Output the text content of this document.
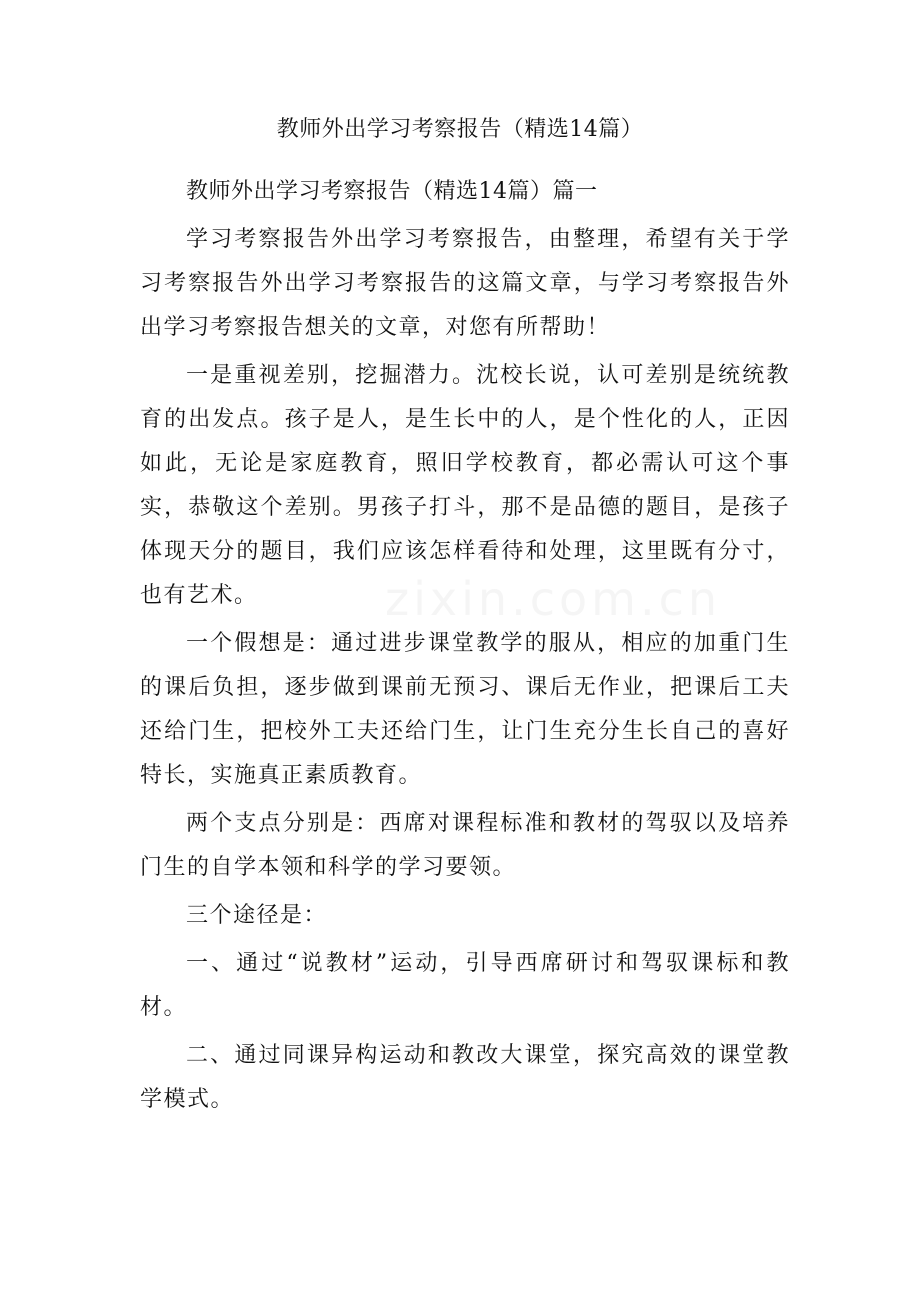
教师外出学习考察报告（精选14篇）
zixin.com.cn

教师外出学习考察报告（精选14篇）篇一

学习考察报告外出学习考察报告，由整理，希望有关于学习考察报告外出学习考察报告的这篇文章，与学习考察报告外出学习考察报告想关的文章，对您有所帮助！

一是重视差别，挖掘潜力。沈校长说，认可差别是统统教育的出发点。孩子是人，是生长中的人，是个性化的人，正因如此，无论是家庭教育，照旧学校教育，都必需认可这个事实，恭敬这个差别。男孩子打斗，那不是品德的题目，是孩子体现天分的题目，我们应该怎样看待和处理，这里既有分寸，也有艺术。

一个假想是：通过进步课堂教学的服从，相应的加重门生的课后负担，逐步做到课前无预习、课后无作业，把课后工夫还给门生，把校外工夫还给门生，让门生充分生长自己的喜好特长，实施真正素质教育。

两个支点分别是：西席对课程标准和教材的驾驭以及培养门生的自学本领和科学的学习要领。

三个途径是：

一、通过“说教材”运动，引导西席研讨和驾驭课标和教材。

二、通过同课异构运动和教改大课堂，探究高效的课堂教学模式。
